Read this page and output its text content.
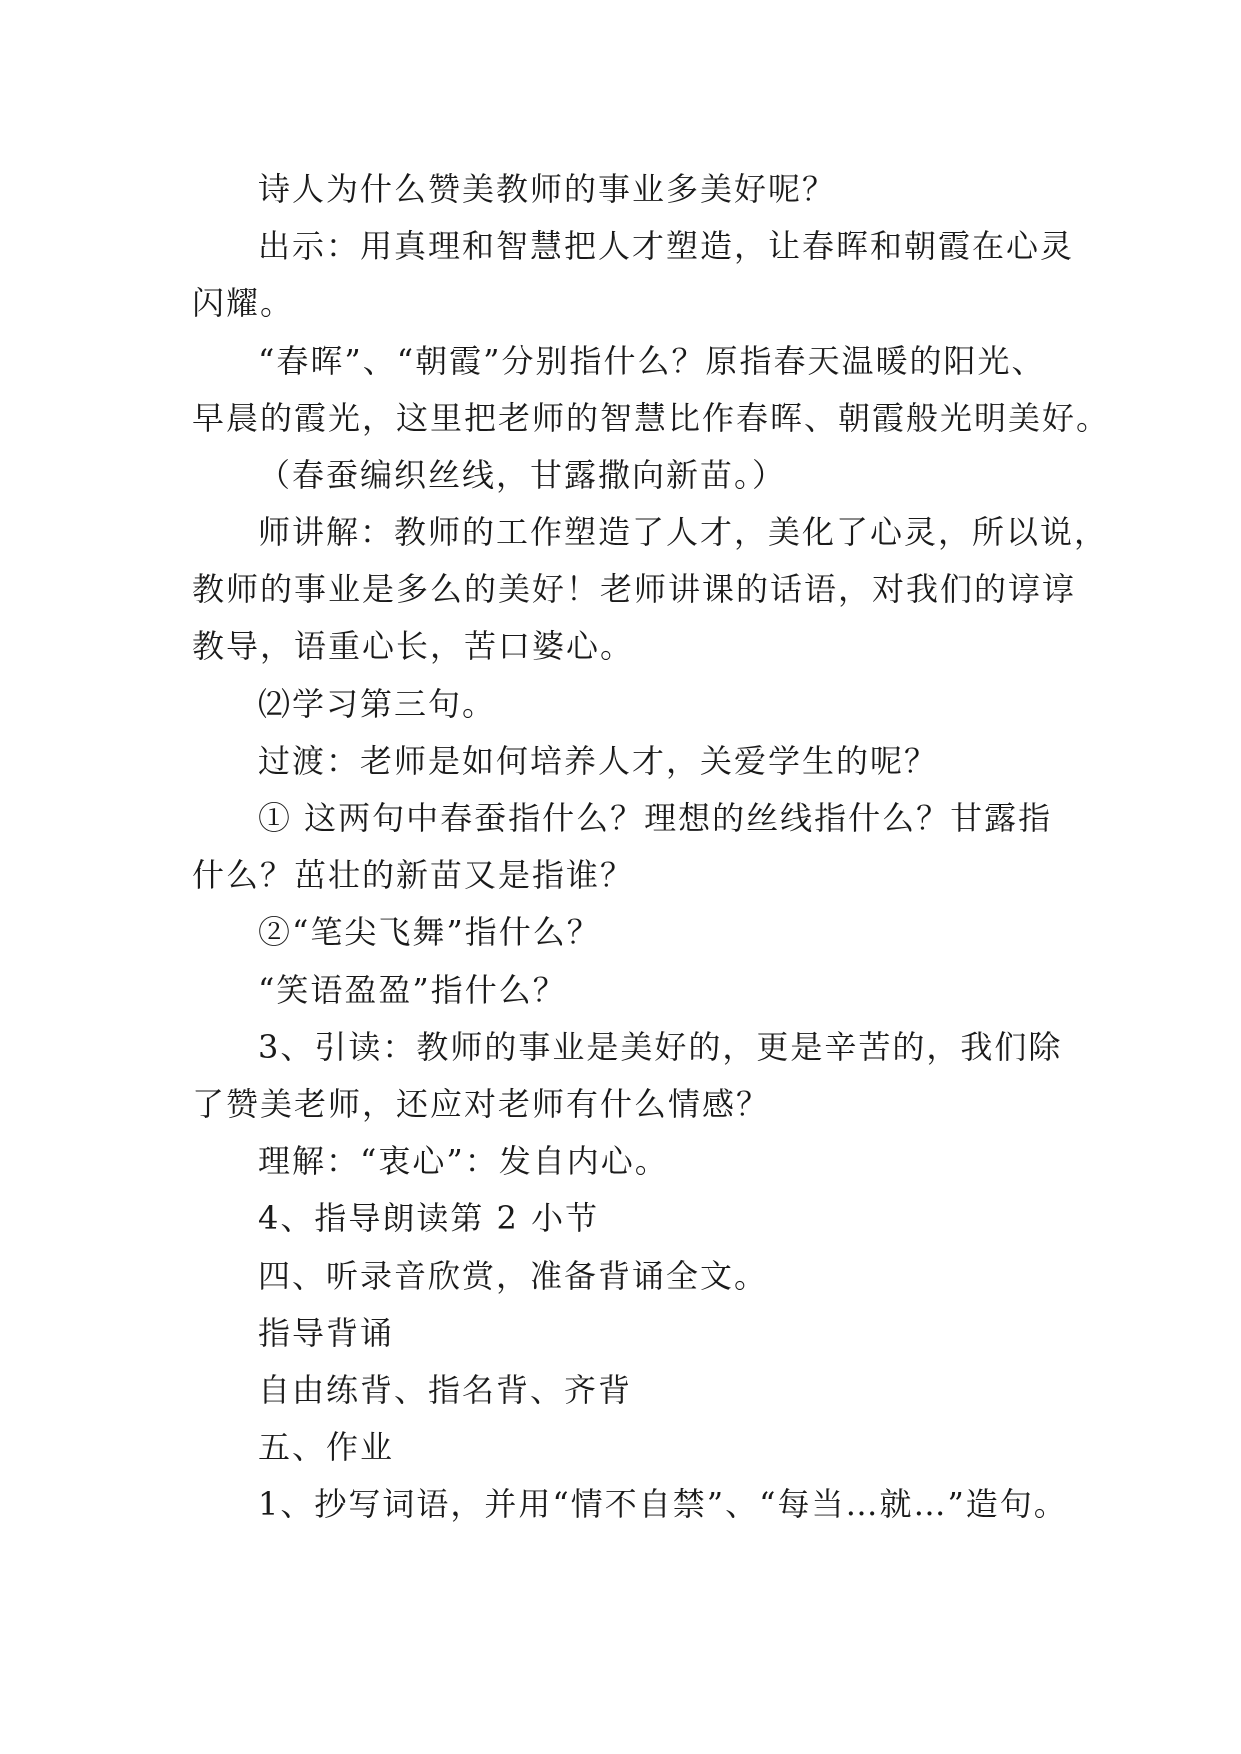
诗人为什么赞美教师的事业多美好呢？
出示：用真理和智慧把人才塑造，让春晖和朝霞在心灵
闪耀。
“春晖”、“朝霞”分别指什么？原指春天温暖的阳光、
早晨的霞光，这里把老师的智慧比作春晖、朝霞般光明美好。
（春蚕编织丝线，甘露撒向新苗。）
师讲解：教师的工作塑造了人才，美化了心灵，所以说，
教师的事业是多么的美好！老师讲课的话语，对我们的谆谆
教导，语重心长，苦口婆心。
⑵学习第三句。
过渡：老师是如何培养人才，关爱学生的呢？
① 这两句中春蚕指什么？理想的丝线指什么？甘露指
什么？茁壮的新苗又是指谁？
②“笔尖飞舞”指什么？
“笑语盈盈”指什么？
3、引读：教师的事业是美好的，更是辛苦的，我们除
了赞美老师，还应对老师有什么情感？
理解：“衷心”：发自内心。
4、指导朗读第 2 小节
四、听录音欣赏，准备背诵全文。
指导背诵
自由练背、指名背、齐背
五、作业
1、抄写词语，并用“情不自禁”、“每当…就…”造句。
